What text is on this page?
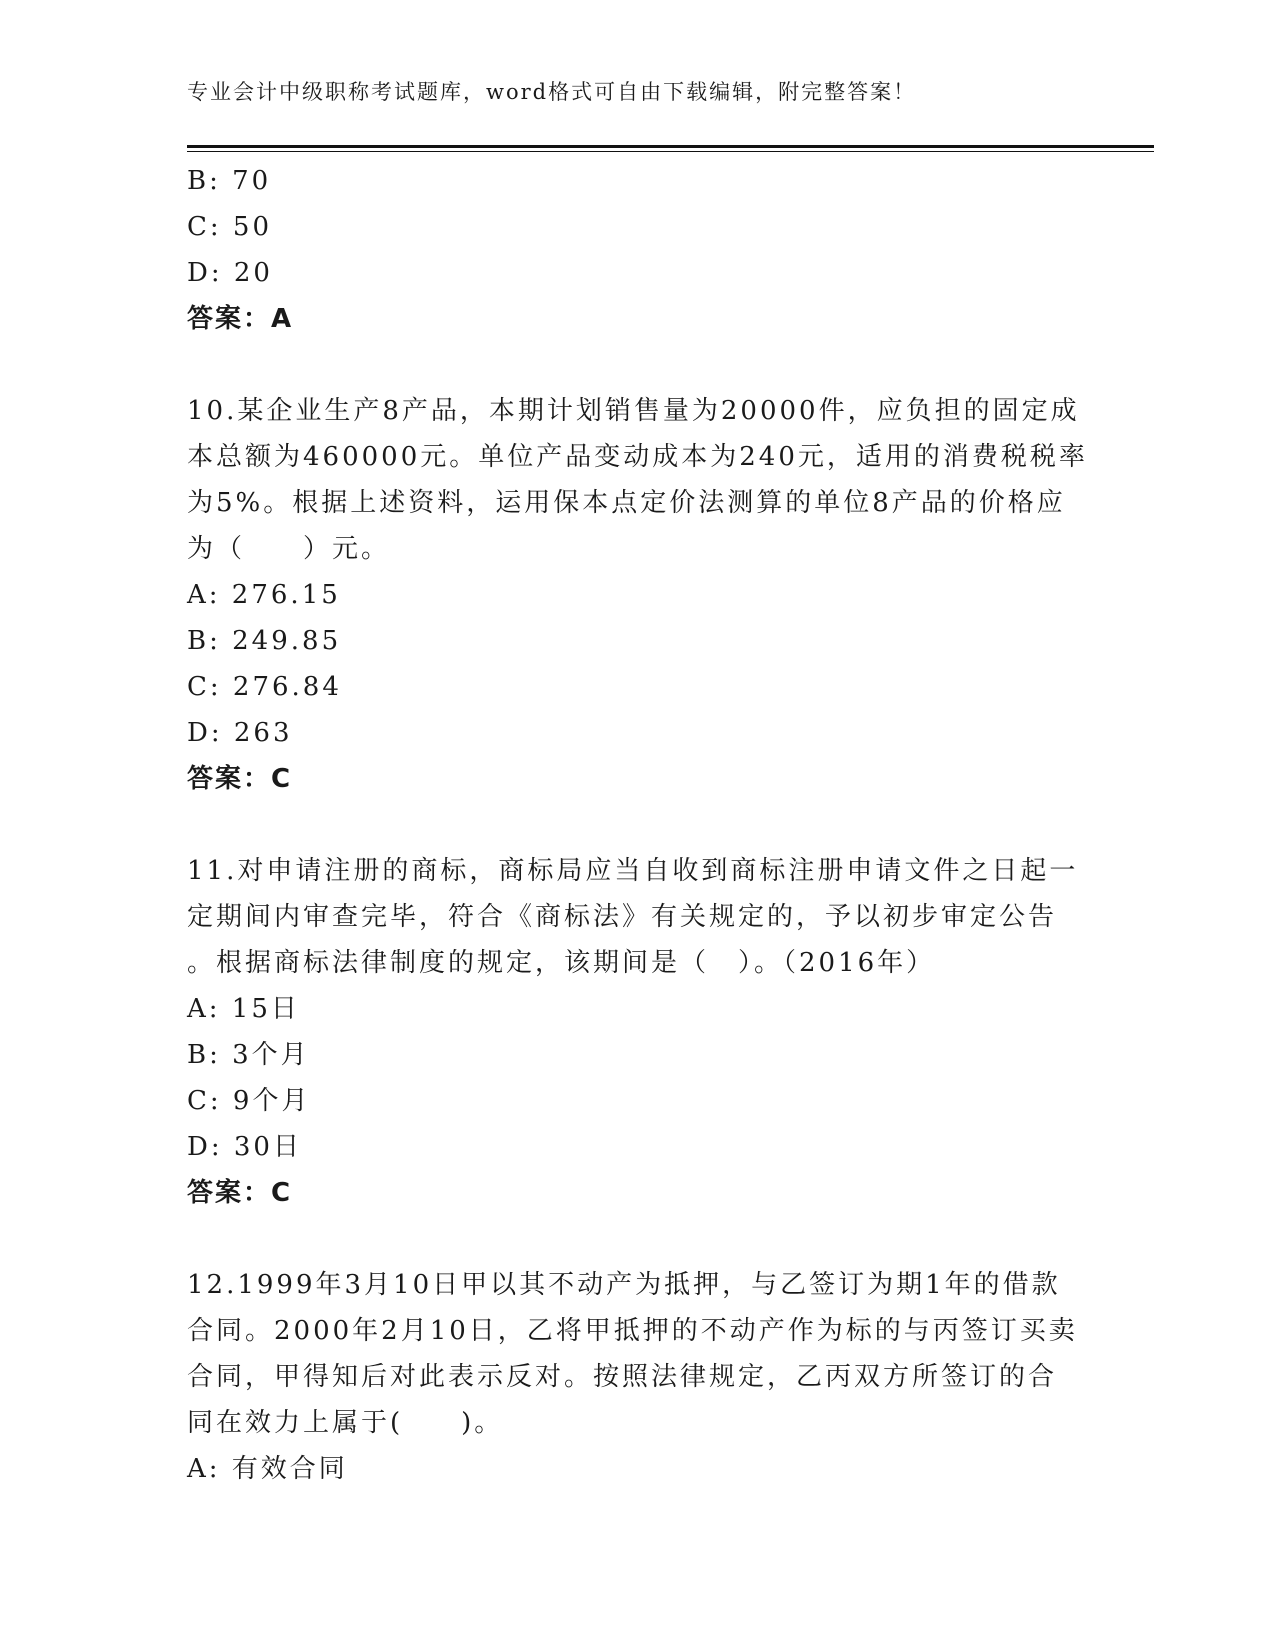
专业会计中级职称考试题库，word格式可自由下载编辑，附完整答案！
B: 70
C: 50
D: 20
答案：A
10.某企业生产8产品，本期计划销售量为20000件，应负担的固定成
本总额为460000元。单位产品变动成本为240元，适用的消费税税率
为5%。根据上述资料，运用保本点定价法测算的单位8产品的价格应
为（　　）元。
A: 276.15
B: 249.85
C: 276.84
D: 263
答案：C
11.对申请注册的商标，商标局应当自收到商标注册申请文件之日起一
定期间内审查完毕，符合《商标法》有关规定的，予以初步审定公告
。根据商标法律制度的规定，该期间是（　）。（2016年）
A: 15日
B: 3个月
C: 9个月
D: 30日
答案：C
12.1999年3月10日甲以其不动产为抵押，与乙签订为期1年的借款
合同。2000年2月10日，乙将甲抵押的不动产作为标的与丙签订买卖
合同，甲得知后对此表示反对。按照法律规定，乙丙双方所签订的合
同在效力上属于(　　)。
A: 有效合同
